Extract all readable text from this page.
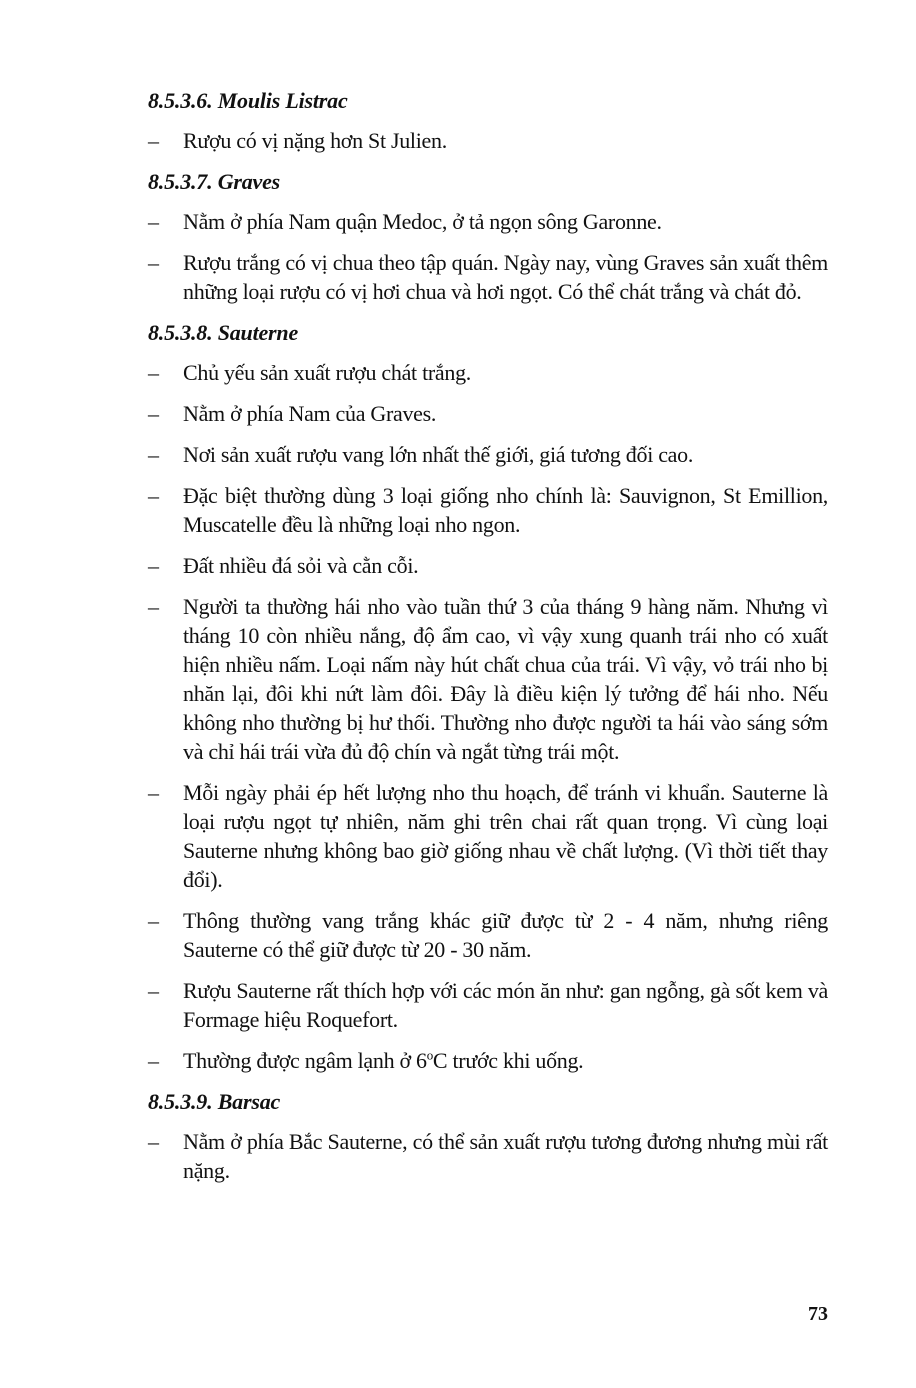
8.5.3.6. Moulis Listrac
– Rượu có vị nặng hơn St Julien.
8.5.3.7. Graves
– Nằm ở phía Nam quận Medoc, ở tả ngọn sông Garonne.
– Rượu trắng có vị chua theo tập quán. Ngày nay, vùng Graves sản xuất thêm những loại rượu có vị hơi chua và hơi ngọt. Có thể chát trắng và chát đỏ.
8.5.3.8. Sauterne
– Chủ yếu sản xuất rượu chát trắng.
– Nằm ở phía Nam của Graves.
– Nơi sản xuất rượu vang lớn nhất thế giới, giá tương đối cao.
– Đặc biệt thường dùng 3 loại giống nho chính là: Sauvignon, St Emillion, Muscatelle đều là những loại nho ngon.
– Đất nhiều đá sỏi và cằn cỗi.
– Người ta thường hái nho vào tuần thứ 3 của tháng 9 hàng năm. Nhưng vì tháng 10 còn nhiều nắng, độ ẩm cao, vì vậy xung quanh trái nho có xuất hiện nhiều nấm. Loại nấm này hút chất chua của trái. Vì vậy, vỏ trái nho bị nhăn lại, đôi khi nứt làm đôi. Đây là điều kiện lý tưởng để hái nho. Nếu không nho thường bị hư thối. Thường nho được người ta hái vào sáng sớm và chỉ hái trái vừa đủ độ chín và ngắt từng trái một.
– Mỗi ngày phải ép hết lượng nho thu hoạch, để tránh vi khuẩn. Sauterne là loại rượu ngọt tự nhiên, năm ghi trên chai rất quan trọng. Vì cùng loại Sauterne nhưng không bao giờ giống nhau về chất lượng. (Vì thời tiết thay đổi).
– Thông thường vang trắng khác giữ được từ 2 - 4 năm, nhưng riêng Sauterne có thể giữ được từ 20 - 30 năm.
– Rượu Sauterne rất thích hợp với các món ăn như: gan ngỗng, gà sốt kem và Formage hiệu Roquefort.
– Thường được ngâm lạnh ở 6$^o$C trước khi uống.
8.5.3.9. Barsac
– Nằm ở phía Bắc Sauterne, có thể sản xuất rượu tương đương nhưng mùi rất nặng.
73
